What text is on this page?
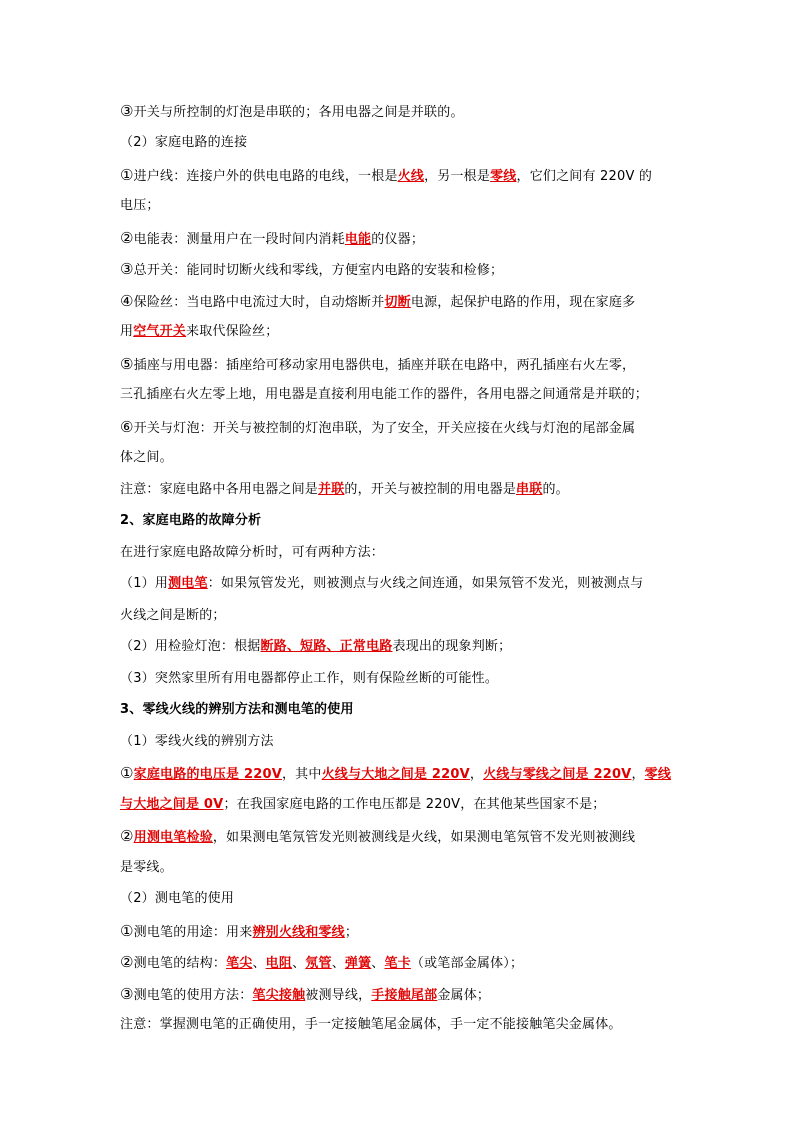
③开关与所控制的灯泡是串联的；各用电器之间是并联的。
（2）家庭电路的连接
①进户线：连接户外的供电电路的电线，一根是火线，另一根是零线，它们之间有 220V 的
电压；
②电能表：测量用户在一段时间内消耗电能的仪器；
③总开关：能同时切断火线和零线，方便室内电路的安装和检修；
④保险丝：当电路中电流过大时，自动熔断并切断电源，起保护电路的作用，现在家庭多
用空气开关来取代保险丝；
⑤插座与用电器：插座给可移动家用电器供电，插座并联在电路中，两孔插座右火左零，
三孔插座右火左零上地，用电器是直接利用电能工作的器件，各用电器之间通常是并联的；
⑥开关与灯泡：开关与被控制的灯泡串联，为了安全，开关应接在火线与灯泡的尾部金属
体之间。
注意：家庭电路中各用电器之间是并联的，开关与被控制的用电器是串联的。
2、家庭电路的故障分析
在进行家庭电路故障分析时，可有两种方法：
（1）用测电笔：如果氖管发光，则被测点与火线之间连通，如果氖管不发光，则被测点与
火线之间是断的；
（2）用检验灯泡：根据断路、短路、正常电路表现出的现象判断；
（3）突然家里所有用电器都停止工作，则有保险丝断的可能性。
3、零线火线的辨别方法和测电笔的使用
（1）零线火线的辨别方法
①家庭电路的电压是 220V，其中火线与大地之间是 220V，火线与零线之间是 220V，零线
与大地之间是 0V；在我国家庭电路的工作电压都是 220V，在其他某些国家不是；
②用测电笔检验，如果测电笔氖管发光则被测线是火线，如果测电笔氖管不发光则被测线
是零线。
（2）测电笔的使用
①测电笔的用途：用来辨别火线和零线；
②测电笔的结构：笔尖、电阻、氖管、弹簧、笔卡（或笔部金属体）；
③测电笔的使用方法：笔尖接触被测导线，手接触尾部金属体；
注意：掌握测电笔的正确使用，手一定接触笔尾金属体，手一定不能接触笔尖金属体。
